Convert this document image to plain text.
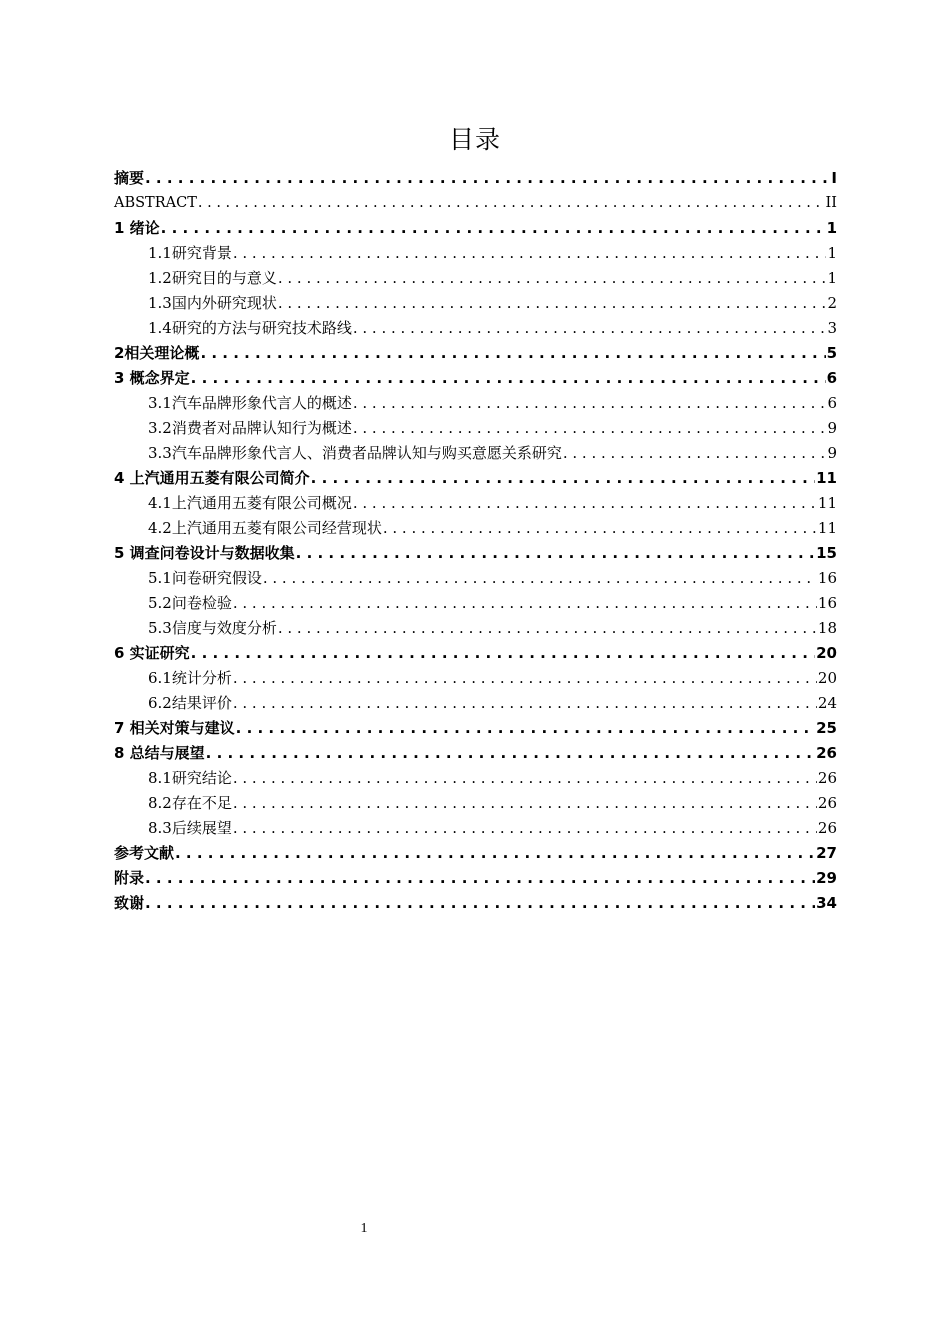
目录
摘要 . . .	I
ABSTRACT . . .	II
1 绪论 . . .	1
1.1研究背景 . . .	1
1.2研究目的与意义 . . .	1
1.3国内外研究现状 . . .	2
1.4研究的方法与研究技术路线 . . .	3
2相关理论概 . . .	5
3 概念界定 . . .	6
3.1汽车品牌形象代言人的概述 . . .	6
3.2消费者对品牌认知行为概述 . . .	9
3.3汽车品牌形象代言人、消费者品牌认知与购买意愿关系研究 . . .	9
4 上汽通用五菱有限公司简介 . . .	11
4.1上汽通用五菱有限公司概况 . . .	11
4.2上汽通用五菱有限公司经营现状 . . .	11
5 调查问卷设计与数据收集 . . .	15
5.1问卷研究假设 . . .	16
5.2问卷检验 . . .	16
5.3信度与效度分析 . . .	18
6 实证研究 . . .	20
6.1统计分析 . . .	20
6.2结果评价 . . .	24
7 相关对策与建议 . . .	25
8 总结与展望 . . .	26
8.1研究结论 . . .	26
8.2存在不足 . . .	26
8.3后续展望 . . .	26
参考文献 . . .	27
附录 . . .	29
致谢 . . .	34
1
